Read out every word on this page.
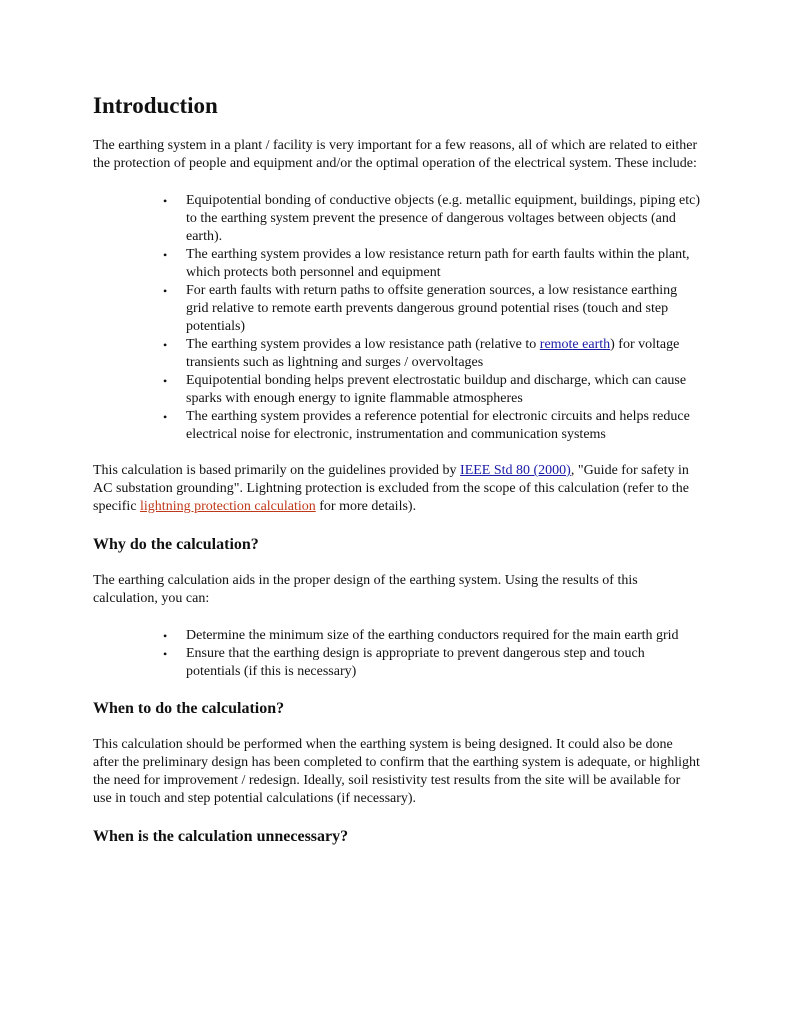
Introduction

The earthing system in a plant / facility is very important for a few reasons, all of which are related to either the protection of people and equipment and/or the optimal operation of the electrical system. These include:

• Equipotential bonding of conductive objects (e.g. metallic equipment, buildings, piping etc) to the earthing system prevent the presence of dangerous voltages between objects (and earth).
• The earthing system provides a low resistance return path for earth faults within the plant, which protects both personnel and equipment
• For earth faults with return paths to offsite generation sources, a low resistance earthing grid relative to remote earth prevents dangerous ground potential rises (touch and step potentials)
• The earthing system provides a low resistance path (relative to remote earth) for voltage transients such as lightning and surges / overvoltages
• Equipotential bonding helps prevent electrostatic buildup and discharge, which can cause sparks with enough energy to ignite flammable atmospheres
• The earthing system provides a reference potential for electronic circuits and helps reduce electrical noise for electronic, instrumentation and communication systems

This calculation is based primarily on the guidelines provided by IEEE Std 80 (2000), "Guide for safety in AC substation grounding". Lightning protection is excluded from the scope of this calculation (refer to the specific lightning protection calculation for more details).

Why do the calculation?

The earthing calculation aids in the proper design of the earthing system. Using the results of this calculation, you can:

• Determine the minimum size of the earthing conductors required for the main earth grid
• Ensure that the earthing design is appropriate to prevent dangerous step and touch potentials (if this is necessary)
When to do the calculation?

This calculation should be performed when the earthing system is being designed. It could also be done after the preliminary design has been completed to confirm that the earthing system is adequate, or highlight the need for improvement / redesign. Ideally, soil resistivity test results from the site will be available for use in touch and step potential calculations (if necessary).

When is the calculation unnecessary?
